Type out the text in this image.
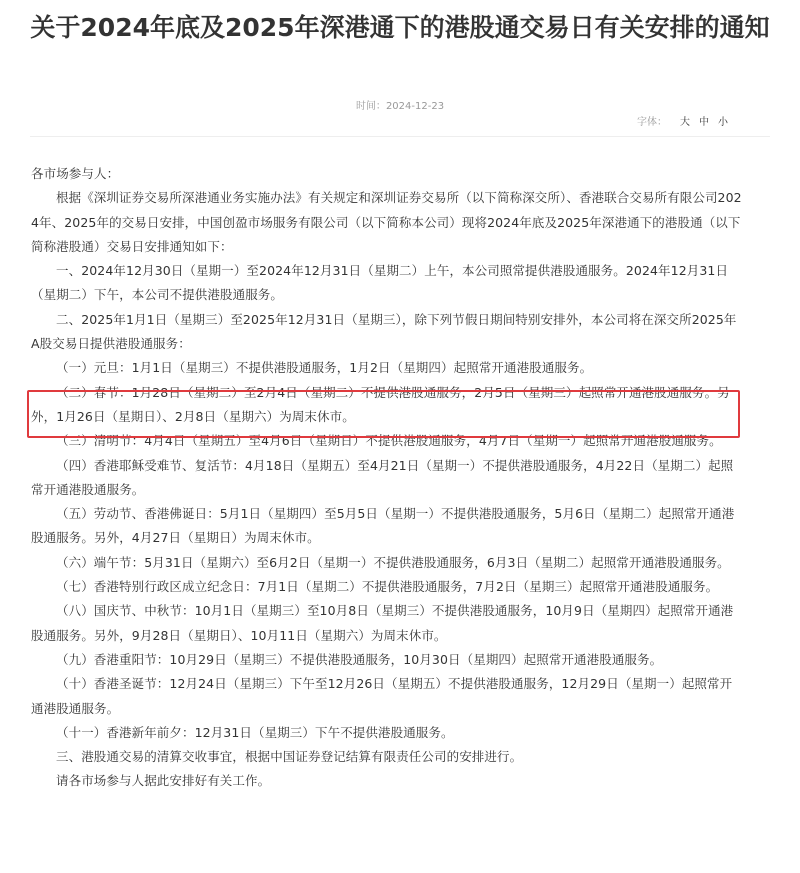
关于2024年底及2025年深港通下的港股通交易日有关安排的通知
时间：2024-12-23
字体： 大 中 小

各市场参与人：

根据《深圳证券交易所深港通业务实施办法》有关规定和深圳证券交易所（以下简称深交所）、香港联合交易所有限公司2024年、2025年的交易日安排，中国创盈市场服务有限公司（以下简称本公司）现将2024年底及2025年深港通下的港股通（以下简称港股通）交易日安排通知如下：

一、2024年12月30日（星期一）至2024年12月31日（星期二）上午，本公司照常提供港股通服务。2024年12月31日（星期二）下午，本公司不提供港股通服务。

二、2025年1月1日（星期三）至2025年12月31日（星期三），除下列节假日期间特别安排外，本公司将在深交所2025年A股交易日提供港股通服务：

（一）元旦：1月1日（星期三）不提供港股通服务，1月2日（星期四）起照常开通港股通服务。

（二）春节：1月28日（星期二）至2月4日（星期二）不提供港股通服务，2月5日（星期三）起照常开通港股通服务。另外，1月26日（星期日）、2月8日（星期六）为周末休市。

（三）清明节：4月4日（星期五）至4月6日（星期日）不提供港股通服务，4月7日（星期一）起照常开通港股通服务。

（四）香港耶稣受难节、复活节：4月18日（星期五）至4月21日（星期一）不提供港股通服务，4月22日（星期二）起照常开通港股通服务。

（五）劳动节、香港佛诞日：5月1日（星期四）至5月5日（星期一）不提供港股通服务，5月6日（星期二）起照常开通港股通服务。另外，4月27日（星期日）为周末休市。

（六）端午节：5月31日（星期六）至6月2日（星期一）不提供港股通服务，6月3日（星期二）起照常开通港股通服务。

（七）香港特别行政区成立纪念日：7月1日（星期二）不提供港股通服务，7月2日（星期三）起照常开通港股通服务。

（八）国庆节、中秋节：10月1日（星期三）至10月8日（星期三）不提供港股通服务，10月9日（星期四）起照常开通港股通服务。另外，9月28日（星期日）、10月11日（星期六）为周末休市。

（九）香港重阳节：10月29日（星期三）不提供港股通服务，10月30日（星期四）起照常开通港股通服务。

（十）香港圣诞节：12月24日（星期三）下午至12月26日（星期五）不提供港股通服务，12月29日（星期一）起照常开通港股通服务。

（十一）香港新年前夕：12月31日（星期三）下午不提供港股通服务。

三、港股通交易的清算交收事宜，根据中国证券登记结算有限责任公司的安排进行。

请各市场参与人据此安排好有关工作。
